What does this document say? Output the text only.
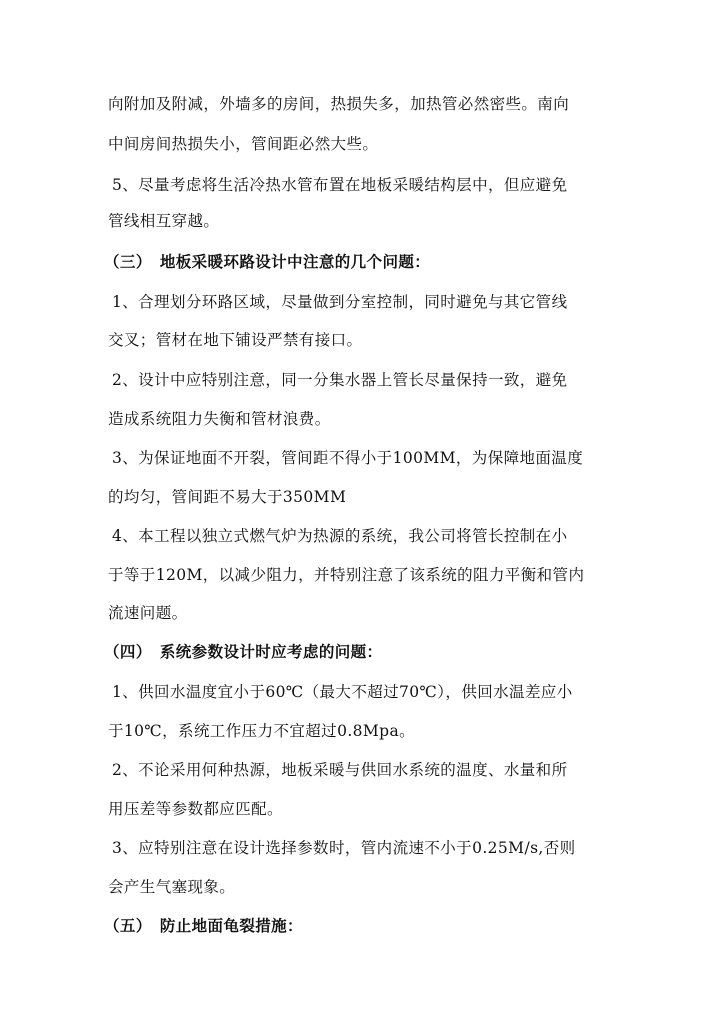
向附加及附减，外墙多的房间，热损失多，加热管必然密些。南向
中间房间热损失小，管间距必然大些。
5、尽量考虑将生活冷热水管布置在地板采暖结构层中，但应避免
管线相互穿越。
（三）　地板采暖环路设计中注意的几个问题：
1、合理划分环路区域，尽量做到分室控制，同时避免与其它管线
交叉；管材在地下铺设严禁有接口。
2、设计中应特别注意，同一分集水器上管长尽量保持一致，避免
造成系统阻力失衡和管材浪费。
3、为保证地面不开裂，管间距不得小于100MM，为保障地面温度
的均匀，管间距不易大于350MM
4、本工程以独立式燃气炉为热源的系统，我公司将管长控制在小
于等于120M，以减少阻力，并特别注意了该系统的阻力平衡和管内
流速问题。
（四）　系统参数设计时应考虑的问题：
1、供回水温度宜小于60℃（最大不超过70℃），供回水温差应小
于10℃，系统工作压力不宜超过0.8Mpa。
2、不论采用何种热源，地板采暖与供回水系统的温度、水量和所
用压差等参数都应匹配。
3、应特别注意在设计选择参数时，管内流速不小于0.25M/s,否则
会产生气塞现象。
（五）　防止地面龟裂措施：
